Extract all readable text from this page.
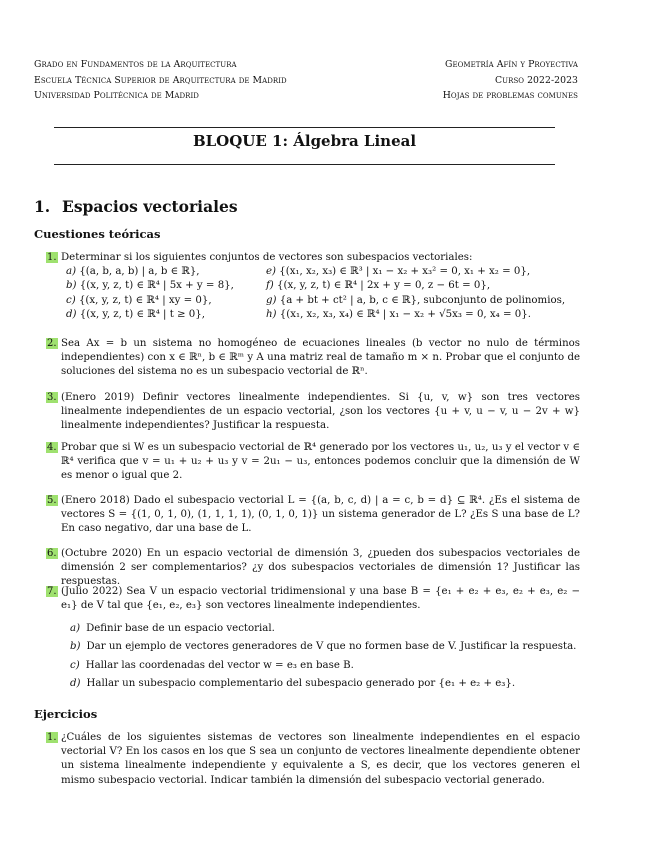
Grado en Fundamentos de la Arquitectura
Escuela Técnica Superior de Arquitectura de Madrid
Universidad Politécnica de Madrid
Geometría Afín y Proyectiva
Curso 2022-2023
Hojas de problemas comunes
BLOQUE 1: Álgebra Lineal
1. Espacios vectoriales
Cuestiones teóricas
1. Determinar si los siguientes conjuntos de vectores son subespacios vectoriales:
a) {(a, b, a, b) | a, b ∈ ℝ},	e) {(x₁, x₂, x₃) ∈ ℝ³ | x₁ − x₂ + x₃² = 0, x₁ + x₂ = 0},
b) {(x, y, z, t) ∈ ℝ⁴ | 5x + y = 8},	f) {(x, y, z, t) ∈ ℝ⁴ | 2x + y = 0, z − 6t = 0},
c) {(x, y, z, t) ∈ ℝ⁴ | xy = 0},	g) {a + bt + ct² | a, b, c ∈ ℝ}, subconjunto de polinomios,
d) {(x, y, z, t) ∈ ℝ⁴ | t ≥ 0},	h) {(x₁, x₂, x₃, x₄) ∈ ℝ⁴ | x₁ − x₂ + √5x₃ = 0, x₄ = 0}.
2. Sea Ax = b un sistema no homogéneo de ecuaciones lineales (b vector no nulo de términos independientes) con x ∈ ℝⁿ, b ∈ ℝᵐ y A una matriz real de tamaño m × n. Probar que el conjunto de soluciones del sistema no es un subespacio vectorial de ℝⁿ.
3. (Enero 2019) Definir vectores linealmente independientes. Si {u, v, w} son tres vectores linealmente independientes de un espacio vectorial, ¿son los vectores {u + v, u − v, u − 2v + w} linealmente independientes? Justificar la respuesta.
4. Probar que si W es un subespacio vectorial de ℝ⁴ generado por los vectores u₁, u₂, u₃ y el vector v ∈ ℝ⁴ verifica que v = u₁ + u₂ + u₃ y v = 2u₁ − u₃, entonces podemos concluir que la dimensión de W es menor o igual que 2.
5. (Enero 2018) Dado el subespacio vectorial L = {(a, b, c, d) | a = c, b = d} ⊆ ℝ⁴. ¿Es el sistema de vectores S = {(1, 0, 1, 0), (1, 1, 1, 1), (0, 1, 0, 1)} un sistema generador de L? ¿Es S una base de L? En caso negativo, dar una base de L.
6. (Octubre 2020) En un espacio vectorial de dimensión 3, ¿pueden dos subespacios vectoriales de dimensión 2 ser complementarios? ¿y dos subespacios vectoriales de dimensión 1? Justificar las respuestas.
7. (Julio 2022) Sea V un espacio vectorial tridimensional y una base B = {e₁ + e₂ + e₃, e₂ + e₃, e₂ − e₁} de V tal que {e₁, e₂, e₃} son vectores linealmente independientes.
a) Definir base de un espacio vectorial.
b) Dar un ejemplo de vectores generadores de V que no formen base de V. Justificar la respuesta.
c) Hallar las coordenadas del vector w = e₃ en base B.
d) Hallar un subespacio complementario del subespacio generado por {e₁ + e₂ + e₃}.
Ejercicios
1. ¿Cuáles de los siguientes sistemas de vectores son linealmente independientes en el espacio vectorial V? En los casos en los que S sea un conjunto de vectores linealmente dependiente obtener un sistema linealmente independiente y equivalente a S, es decir, que los vectores generen el mismo subespacio vectorial. Indicar también la dimensión del subespacio vectorial generado.
